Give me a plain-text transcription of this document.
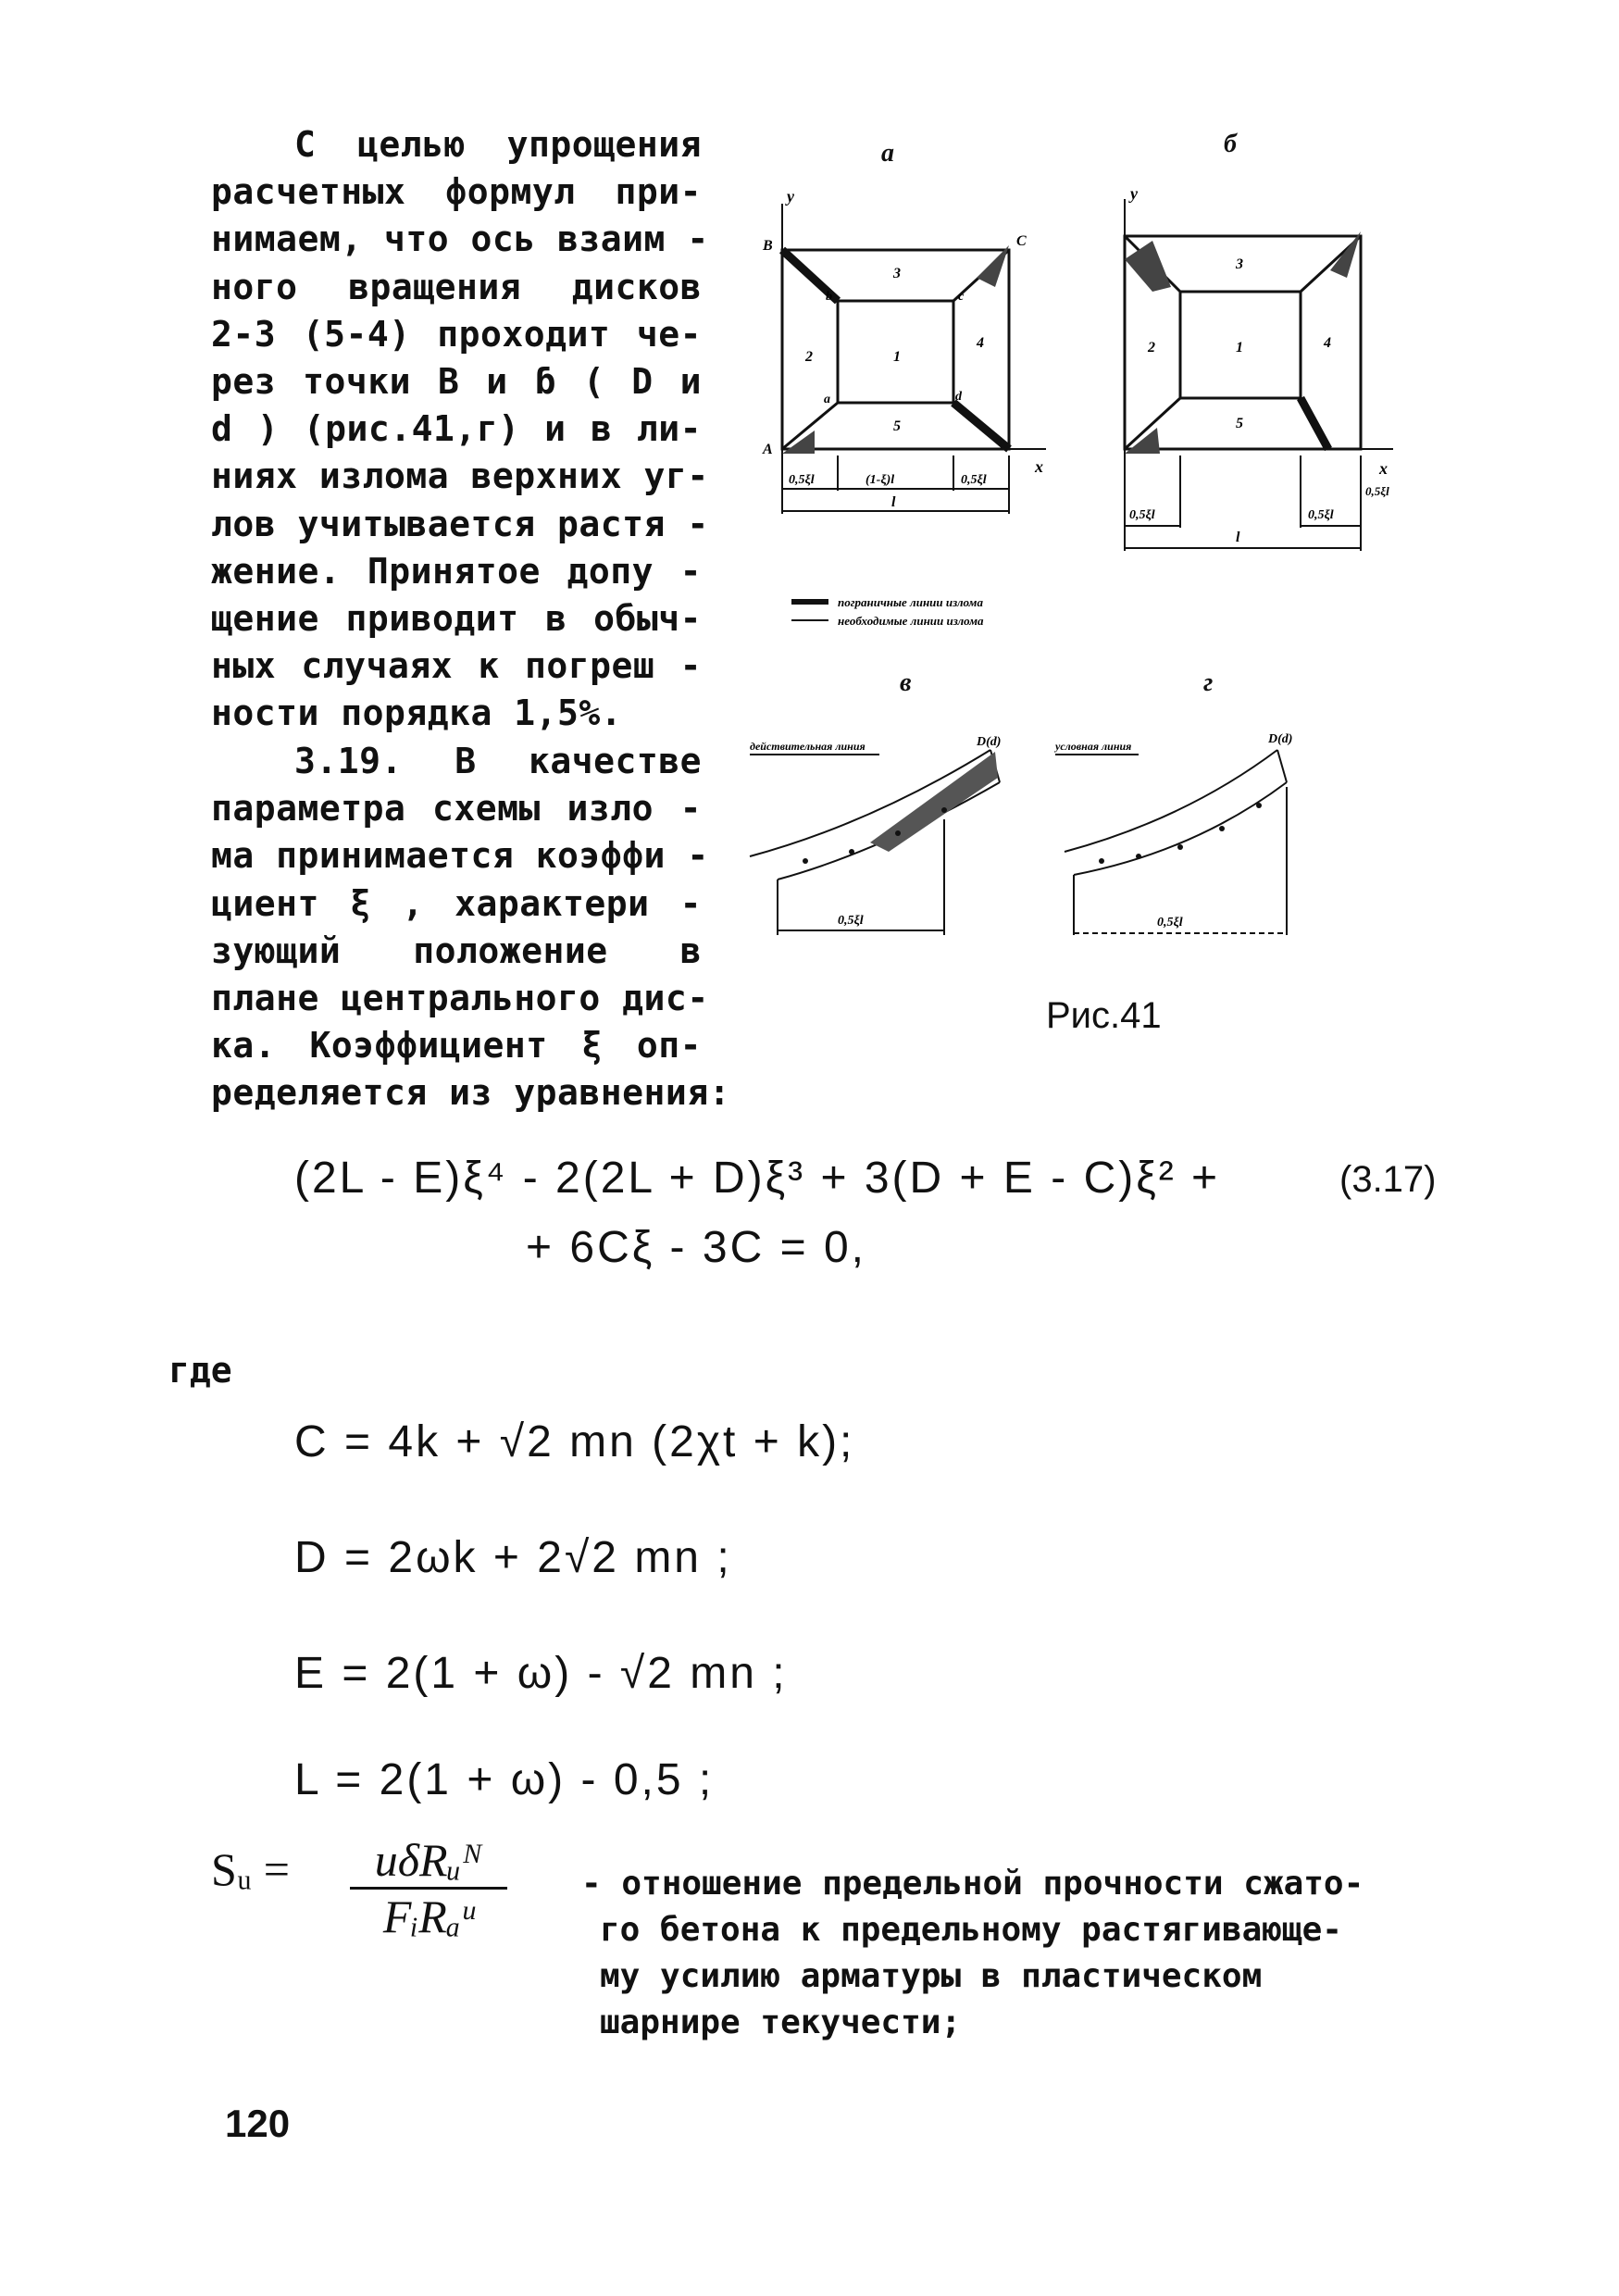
С целью упрощения
расчетных формул при-
нимаем, что ось взаим -
ного вращения дисков
2-3 (5-4) проходит че-
рез точки B и ɓ ( D и
d ) (рис.41,г) и в ли-
ниях излома верхних уг-
лов учитывается растя -
жение. Принятое допу -
щение приводит в обыч-
ных случаях к погреш -
ности порядка 1,5%.
3.19. В качестве
параметра схемы изло -
ма принимается коэффи -
циент ξ , характери -
зующий положение в
плане центрального дис-
ка. Коэффициент ξ оп-
ределяется из уравнения:
а	б
в	г
y
x
B	C
A
a
b	c
d
1
2
3
4
5
0,5ξl	(1-ξ)l	0,5ξl
l
y
x
1
2
3
4
5
0,5ξl	0,5ξl
l
0,5ξl
пограничные линии излома
необходимые линии излома
0,5ξl
действительная линия	D(d)
0,5ξl
условная линия	D(d)
Рис.41
(2L - E)ξ⁴ - 2(2L + D)ξ³ + 3(D + E - C)ξ² +
+ 6Cξ - 3C = 0,
(3.17)
где
C = 4k + √2 mn (2χt + k);
D = 2ωk + 2√2 mn ;
E = 2(1 + ω) - √2 mn ;
L = 2(1 + ω) - 0,5 ;
Sᵤ =	uδRᵤᴺ
FᵢRₐᵘ
- отношение предельной прочности сжато-
го бетона к предельному растягивающе-
му усилию арматуры в пластическом
шарнире текучести;
120
